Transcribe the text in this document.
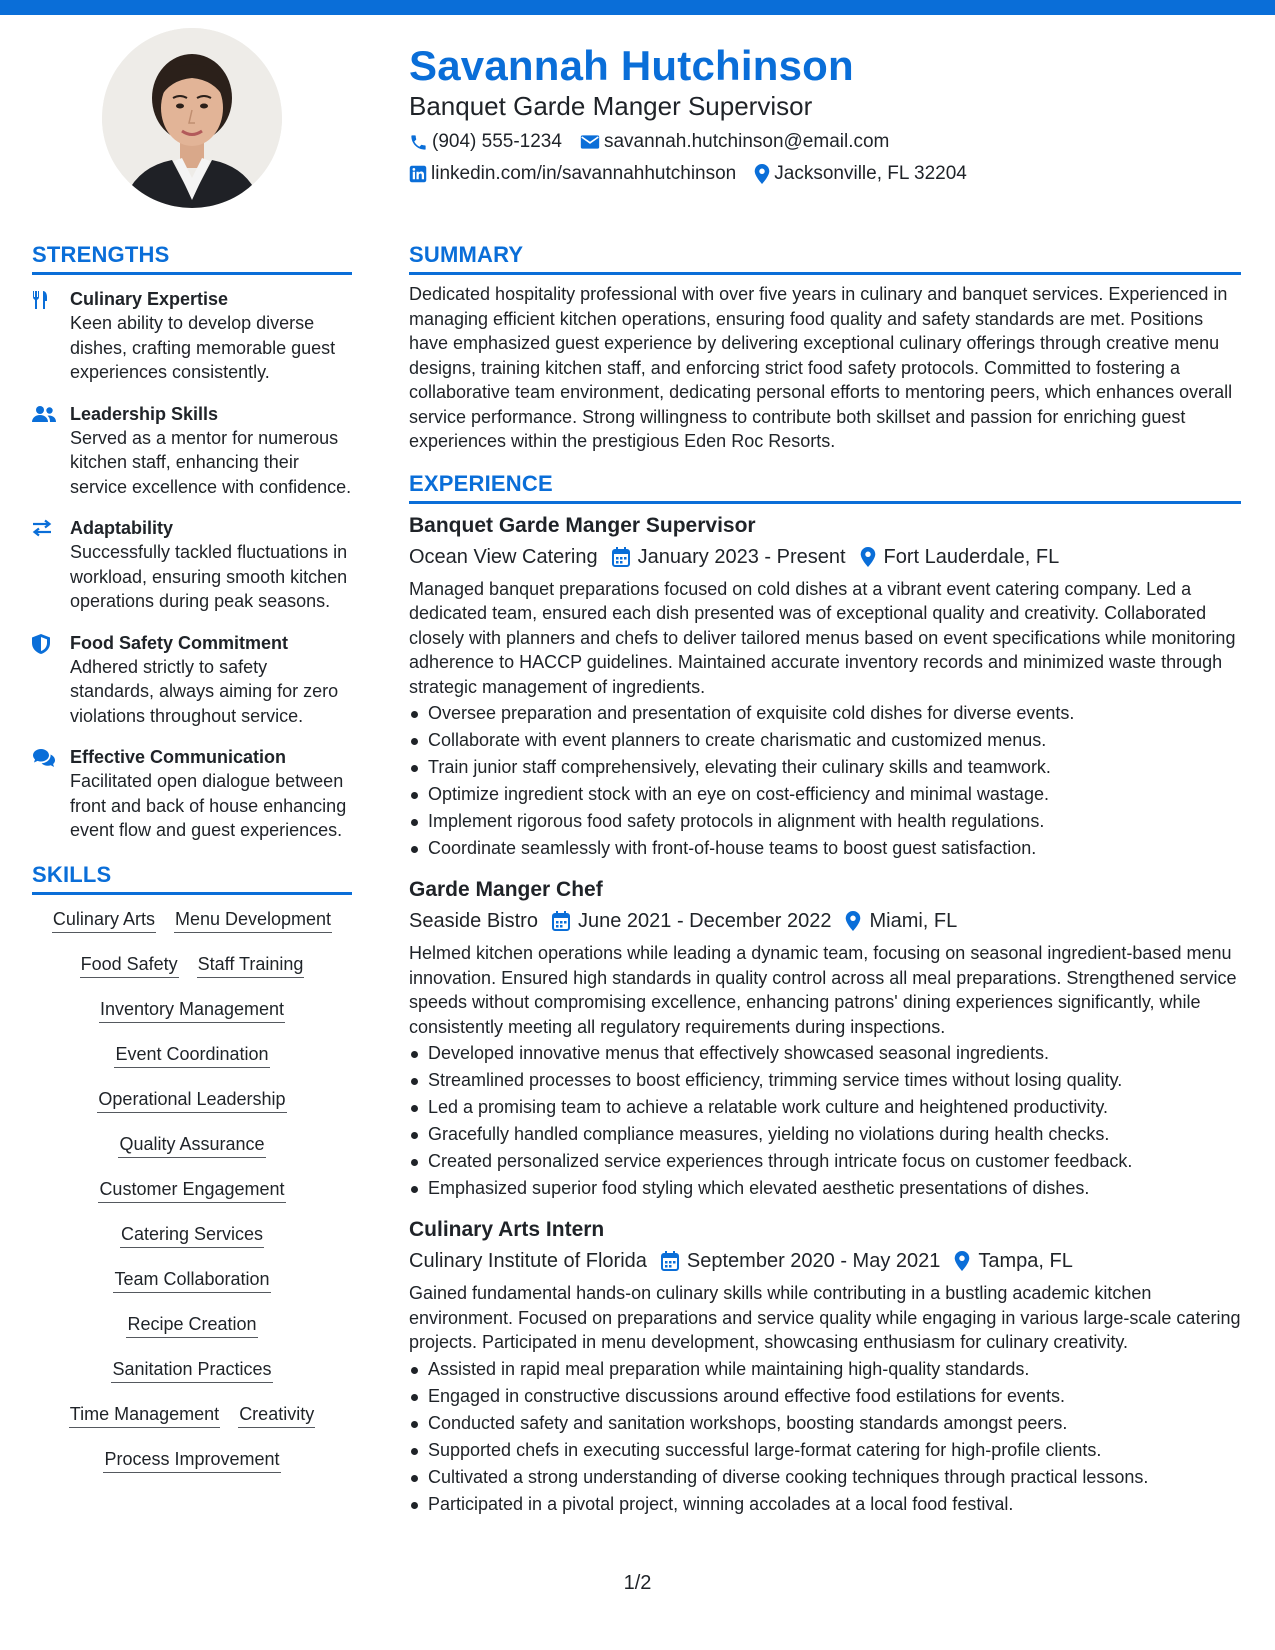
Savannah Hutchinson
Banquet Garde Manger Supervisor
(904) 555-1234 savannah.hutchinson@email.com
linkedin.com/in/savannahhutchinson Jacksonville, FL 32204
STRENGTHS
Culinary Expertise
Keen ability to develop diverse dishes, crafting memorable guest experiences consistently.
Leadership Skills
Served as a mentor for numerous kitchen staff, enhancing their service excellence with confidence.
Adaptability
Successfully tackled fluctuations in workload, ensuring smooth kitchen operations during peak seasons.
Food Safety Commitment
Adhered strictly to safety standards, always aiming for zero violations throughout service.
Effective Communication
Facilitated open dialogue between front and back of house enhancing event flow and guest experiences.
SKILLS
Culinary Arts Menu Development
Food Safety Staff Training
Inventory Management
Event Coordination
Operational Leadership
Quality Assurance
Customer Engagement
Catering Services
Team Collaboration
Recipe Creation
Sanitation Practices
Time Management Creativity
Process Improvement
SUMMARY
Dedicated hospitality professional with over five years in culinary and banquet services. Experienced in managing efficient kitchen operations, ensuring food quality and safety standards are met. Positions have emphasized guest experience by delivering exceptional culinary offerings through creative menu designs, training kitchen staff, and enforcing strict food safety protocols. Committed to fostering a collaborative team environment, dedicating personal efforts to mentoring peers, which enhances overall service performance. Strong willingness to contribute both skillset and passion for enriching guest experiences within the prestigious Eden Roc Resorts.
EXPERIENCE
Banquet Garde Manger Supervisor
Ocean View Catering January 2023 - Present Fort Lauderdale, FL
Managed banquet preparations focused on cold dishes at a vibrant event catering company. Led a dedicated team, ensured each dish presented was of exceptional quality and creativity. Collaborated closely with planners and chefs to deliver tailored menus based on event specifications while monitoring adherence to HACCP guidelines. Maintained accurate inventory records and minimized waste through strategic management of ingredients.
Oversee preparation and presentation of exquisite cold dishes for diverse events.
Collaborate with event planners to create charismatic and customized menus.
Train junior staff comprehensively, elevating their culinary skills and teamwork.
Optimize ingredient stock with an eye on cost-efficiency and minimal wastage.
Implement rigorous food safety protocols in alignment with health regulations.
Coordinate seamlessly with front-of-house teams to boost guest satisfaction.
Garde Manger Chef
Seaside Bistro June 2021 - December 2022 Miami, FL
Helmed kitchen operations while leading a dynamic team, focusing on seasonal ingredient-based menu innovation. Ensured high standards in quality control across all meal preparations. Strengthened service speeds without compromising excellence, enhancing patrons' dining experiences significantly, while consistently meeting all regulatory requirements during inspections.
Developed innovative menus that effectively showcased seasonal ingredients.
Streamlined processes to boost efficiency, trimming service times without losing quality.
Led a promising team to achieve a relatable work culture and heightened productivity.
Gracefully handled compliance measures, yielding no violations during health checks.
Created personalized service experiences through intricate focus on customer feedback.
Emphasized superior food styling which elevated aesthetic presentations of dishes.
Culinary Arts Intern
Culinary Institute of Florida September 2020 - May 2021 Tampa, FL
Gained fundamental hands-on culinary skills while contributing in a bustling academic kitchen environment. Focused on preparations and service quality while engaging in various large-scale catering projects. Participated in menu development, showcasing enthusiasm for culinary creativity.
Assisted in rapid meal preparation while maintaining high-quality standards.
Engaged in constructive discussions around effective food estilations for events.
Conducted safety and sanitation workshops, boosting standards amongst peers.
Supported chefs in executing successful large-format catering for high-profile clients.
Cultivated a strong understanding of diverse cooking techniques through practical lessons.
Participated in a pivotal project, winning accolades at a local food festival.
1/2
